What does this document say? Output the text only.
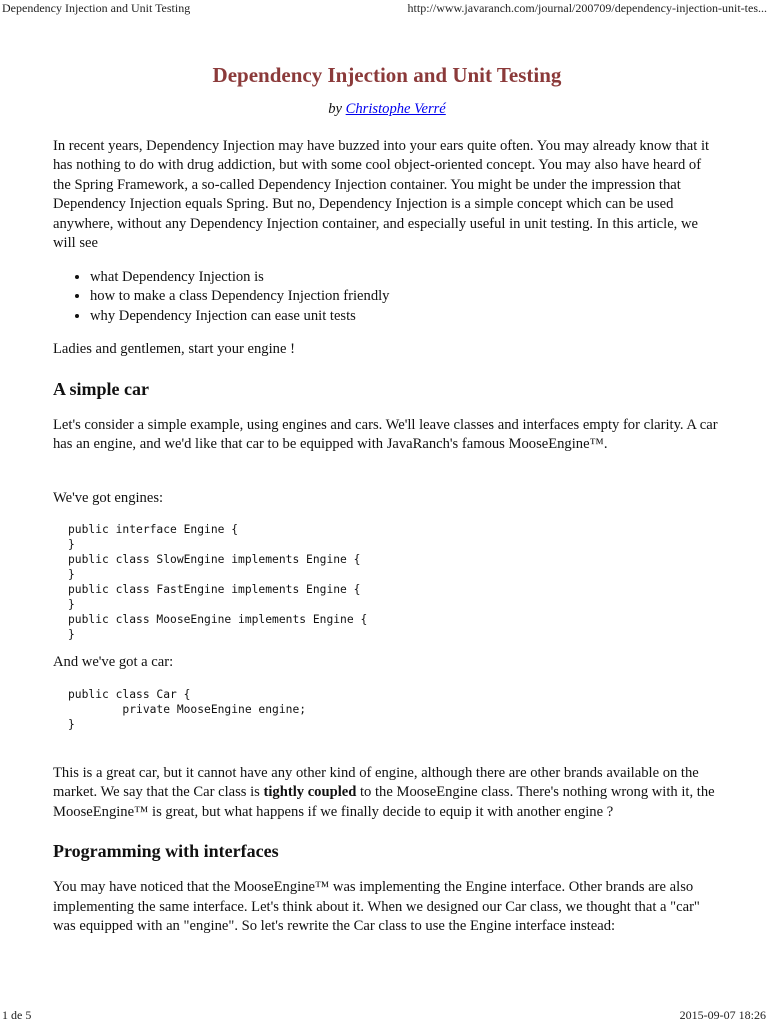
Dependency Injection and Unit Testing	http://www.javaranch.com/journal/200709/dependency-injection-unit-tes...
Dependency Injection and Unit Testing
by Christophe Verré

In recent years, Dependency Injection may have buzzed into your ears quite often. You may already know that it has nothing to do with drug addiction, but with some cool object-oriented concept. You may also have heard of the Spring Framework, a so-called Dependency Injection container. You might be under the impression that Dependency Injection equals Spring. But no, Dependency Injection is a simple concept which can be used anywhere, without any Dependency Injection container, and especially useful in unit testing. In this article, we will see

• what Dependency Injection is
• how to make a class Dependency Injection friendly
• why Dependency Injection can ease unit tests

Ladies and gentlemen, start your engine !

A simple car

Let's consider a simple example, using engines and cars. We'll leave classes and interfaces empty for clarity. A car has an engine, and we'd like that car to be equipped with JavaRanch's famous MooseEngine™.

We've got engines:

public interface Engine {
}
public class SlowEngine implements Engine {
}
public class FastEngine implements Engine {
}
public class MooseEngine implements Engine {
}

And we've got a car:

public class Car {
private MooseEngine engine;
}

This is a great car, but it cannot have any other kind of engine, although there are other brands available on the market. We say that the Car class is tightly coupled to the MooseEngine class. There's nothing wrong with it, the MooseEngine™ is great, but what happens if we finally decide to equip it with another engine ?

Programming with interfaces

You may have noticed that the MooseEngine™ was implementing the Engine interface. Other brands are also implementing the same interface. Let's think about it. When we designed our Car class, we thought that a "car" was equipped with an "engine". So let's rewrite the Car class to use the Engine interface instead:

1 de 5	2015-09-07 18:26
